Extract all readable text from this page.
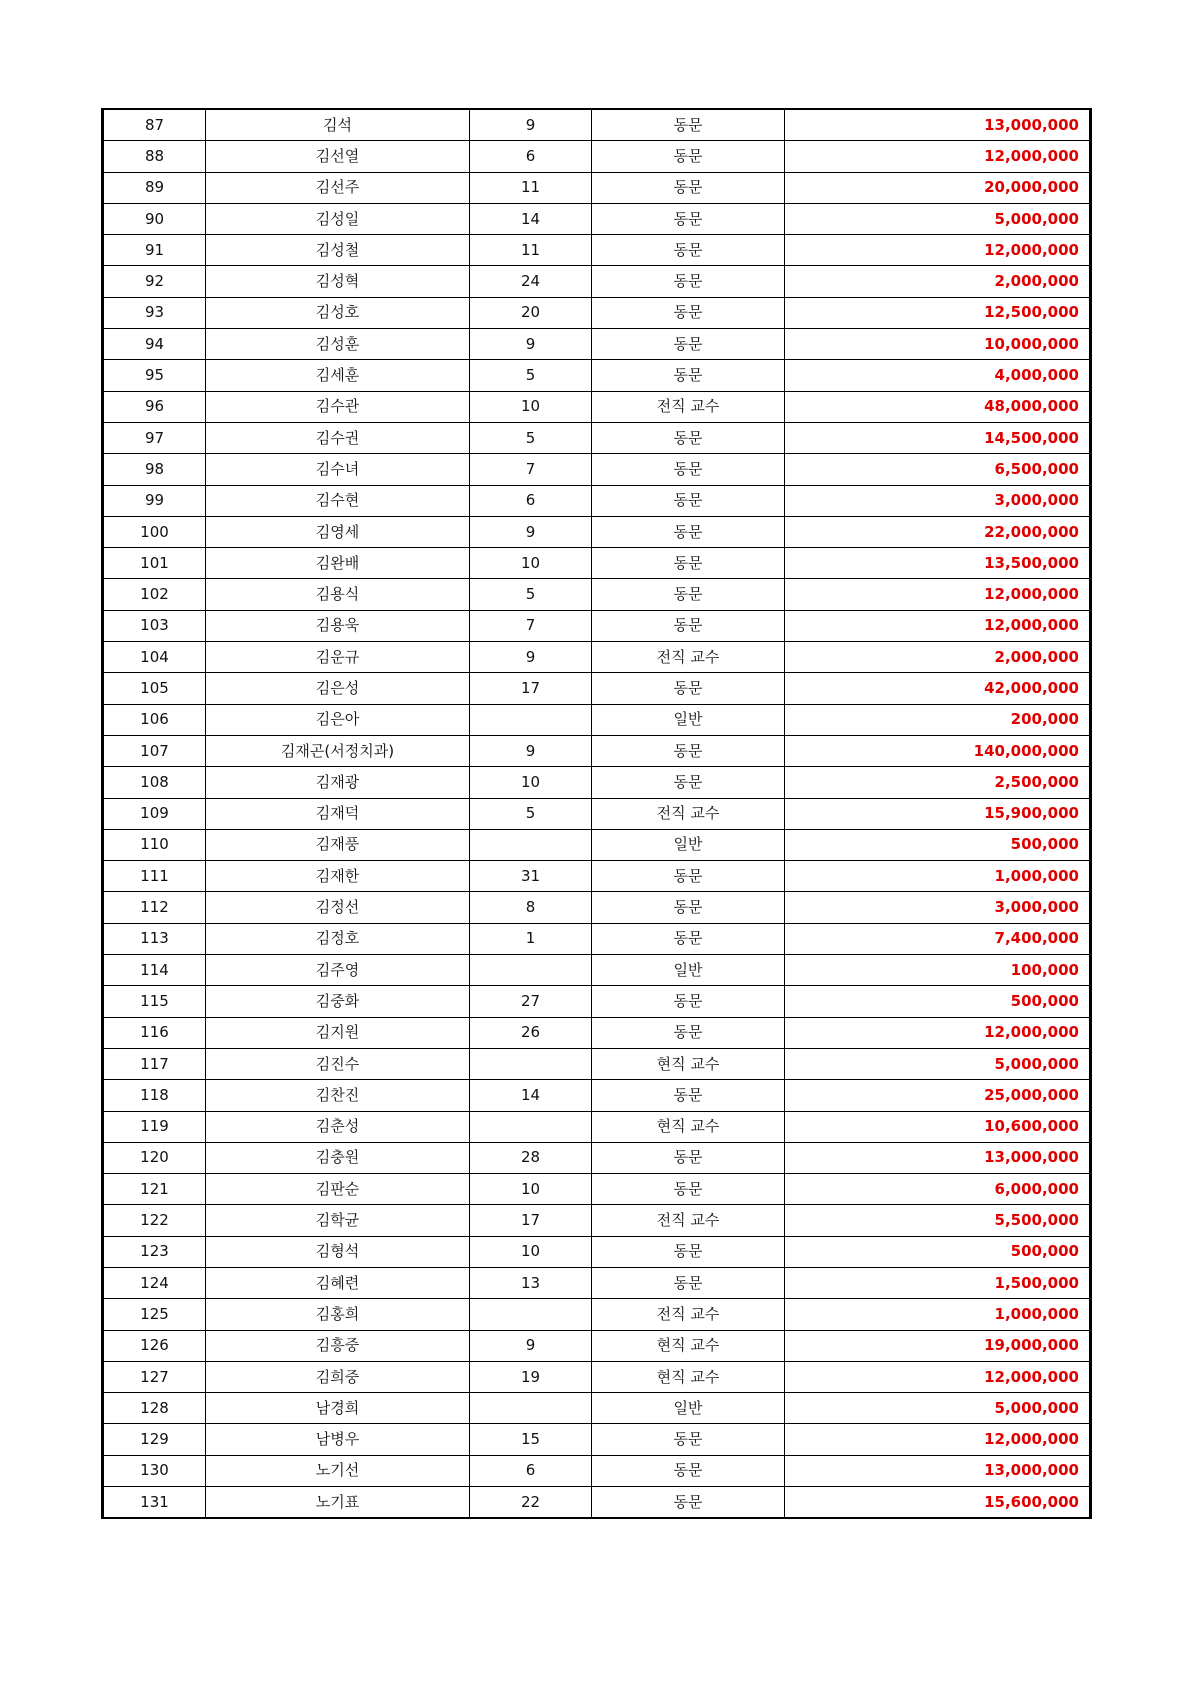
87	김석	9	동문	13,000,000
88	김선열	6	동문	12,000,000
89	김선주	11	동문	20,000,000
90	김성일	14	동문	5,000,000
91	김성철	11	동문	12,000,000
92	김성혁	24	동문	2,000,000
93	김성호	20	동문	12,500,000
94	김성훈	9	동문	10,000,000
95	김세훈	5	동문	4,000,000
96	김수관	10	전직 교수	48,000,000
97	김수권	5	동문	14,500,000
98	김수녀	7	동문	6,500,000
99	김수현	6	동문	3,000,000
100	김영세	9	동문	22,000,000
101	김완배	10	동문	13,500,000
102	김용식	5	동문	12,000,000
103	김용욱	7	동문	12,000,000
104	김운규	9	전직 교수	2,000,000
105	김은성	17	동문	42,000,000
106	김은아		일반	200,000
107	김재곤(서정치과)	9	동문	140,000,000
108	김재광	10	동문	2,500,000
109	김재덕	5	전직 교수	15,900,000
110	김재풍		일반	500,000
111	김재한	31	동문	1,000,000
112	김정선	8	동문	3,000,000
113	김정호	1	동문	7,400,000
114	김주영		일반	100,000
115	김중화	27	동문	500,000
116	김지원	26	동문	12,000,000
117	김진수		현직 교수	5,000,000
118	김찬진	14	동문	25,000,000
119	김춘성		현직 교수	10,600,000
120	김충원	28	동문	13,000,000
121	김판순	10	동문	6,000,000
122	김학균	17	전직 교수	5,500,000
123	김형석	10	동문	500,000
124	김혜련	13	동문	1,500,000
125	김홍희		전직 교수	1,000,000
126	김흥중	9	현직 교수	19,000,000
127	김희중	19	현직 교수	12,000,000
128	남경희		일반	5,000,000
129	남병우	15	동문	12,000,000
130	노기선	6	동문	13,000,000
131	노기표	22	동문	15,600,000
